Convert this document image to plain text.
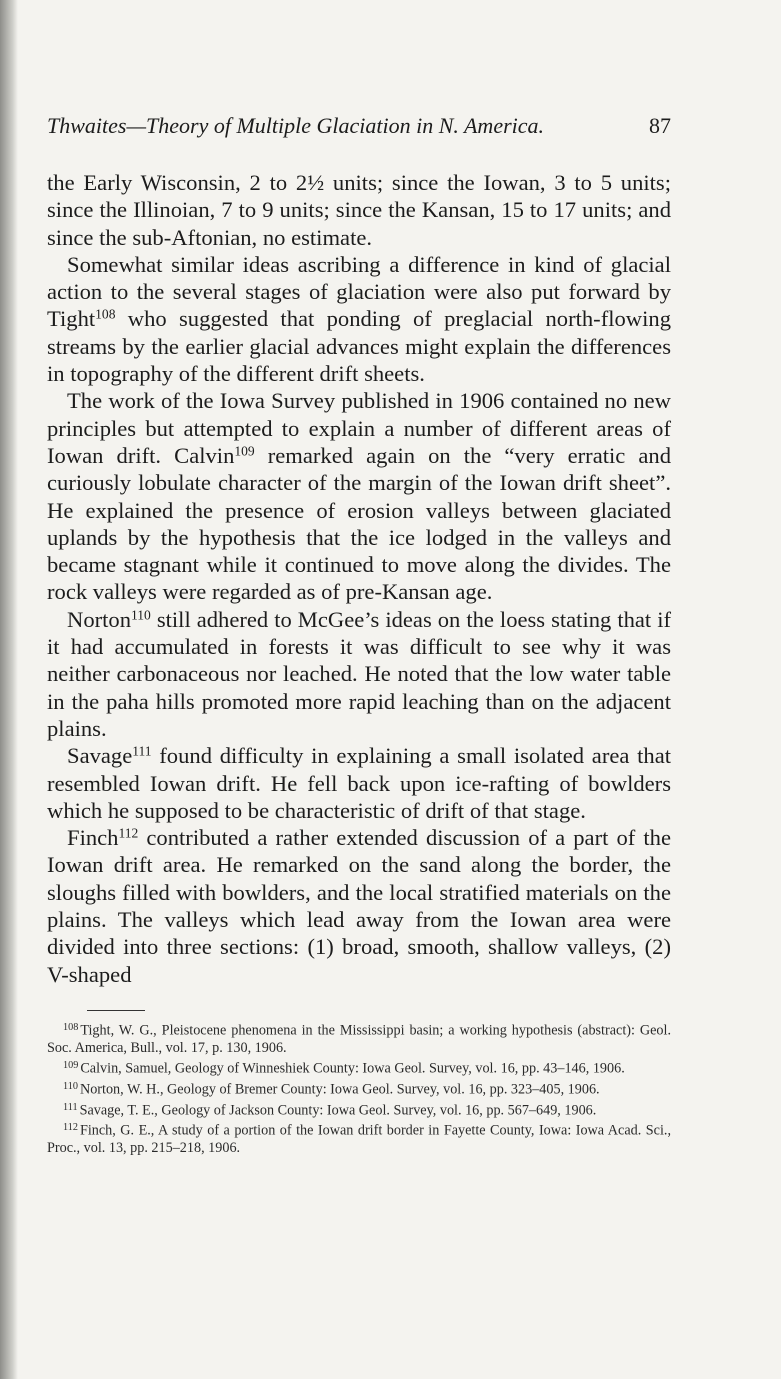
Thwaites—Theory of Multiple Glaciation in N. America.	87

the Early Wisconsin, 2 to 2½ units; since the Iowan, 3 to 5 units; since the Illinoian, 7 to 9 units; since the Kansan, 15 to 17 units; and since the sub-Aftonian, no estimate.

Somewhat similar ideas ascribing a difference in kind of glacial action to the several stages of glaciation were also put forward by Tight$^{108}$ who suggested that ponding of preglacial north-flowing streams by the earlier glacial advances might explain the differences in topography of the different drift sheets.

The work of the Iowa Survey published in 1906 contained no new principles but attempted to explain a number of different areas of Iowan drift. Calvin$^{109}$ remarked again on the “very erratic and curiously lobulate character of the margin of the Iowan drift sheet”. He explained the presence of erosion valleys between glaciated uplands by the hypothesis that the ice lodged in the valleys and became stagnant while it continued to move along the divides. The rock valleys were regarded as of pre-Kansan age.

Norton$^{110}$ still adhered to McGee’s ideas on the loess stating that if it had accumulated in forests it was difficult to see why it was neither carbonaceous nor leached. He noted that the low water table in the paha hills promoted more rapid leaching than on the adjacent plains.

Savage$^{111}$ found difficulty in explaining a small isolated area that resembled Iowan drift. He fell back upon ice-rafting of bowlders which he supposed to be characteristic of drift of that stage.

Finch$^{112}$ contributed a rather extended discussion of a part of the Iowan drift area. He remarked on the sand along the border, the sloughs filled with bowlders, and the local stratified materials on the plains. The valleys which lead away from the Iowan area were divided into three sections: (1) broad, smooth, shallow valleys, (2) V-shaped

$^{108}$ Tight, W. G., Pleistocene phenomena in the Mississippi basin; a working hypothesis (abstract): Geol. Soc. America, Bull., vol. 17, p. 130, 1906.

$^{109}$ Calvin, Samuel, Geology of Winneshiek County: Iowa Geol. Survey, vol. 16, pp. 43–146, 1906.

$^{110}$ Norton, W. H., Geology of Bremer County: Iowa Geol. Survey, vol. 16, pp. 323–405, 1906.

$^{111}$ Savage, T. E., Geology of Jackson County: Iowa Geol. Survey, vol. 16, pp. 567–649, 1906.

$^{112}$ Finch, G. E., A study of a portion of the Iowan drift border in Fayette County, Iowa: Iowa Acad. Sci., Proc., vol. 13, pp. 215–218, 1906.
